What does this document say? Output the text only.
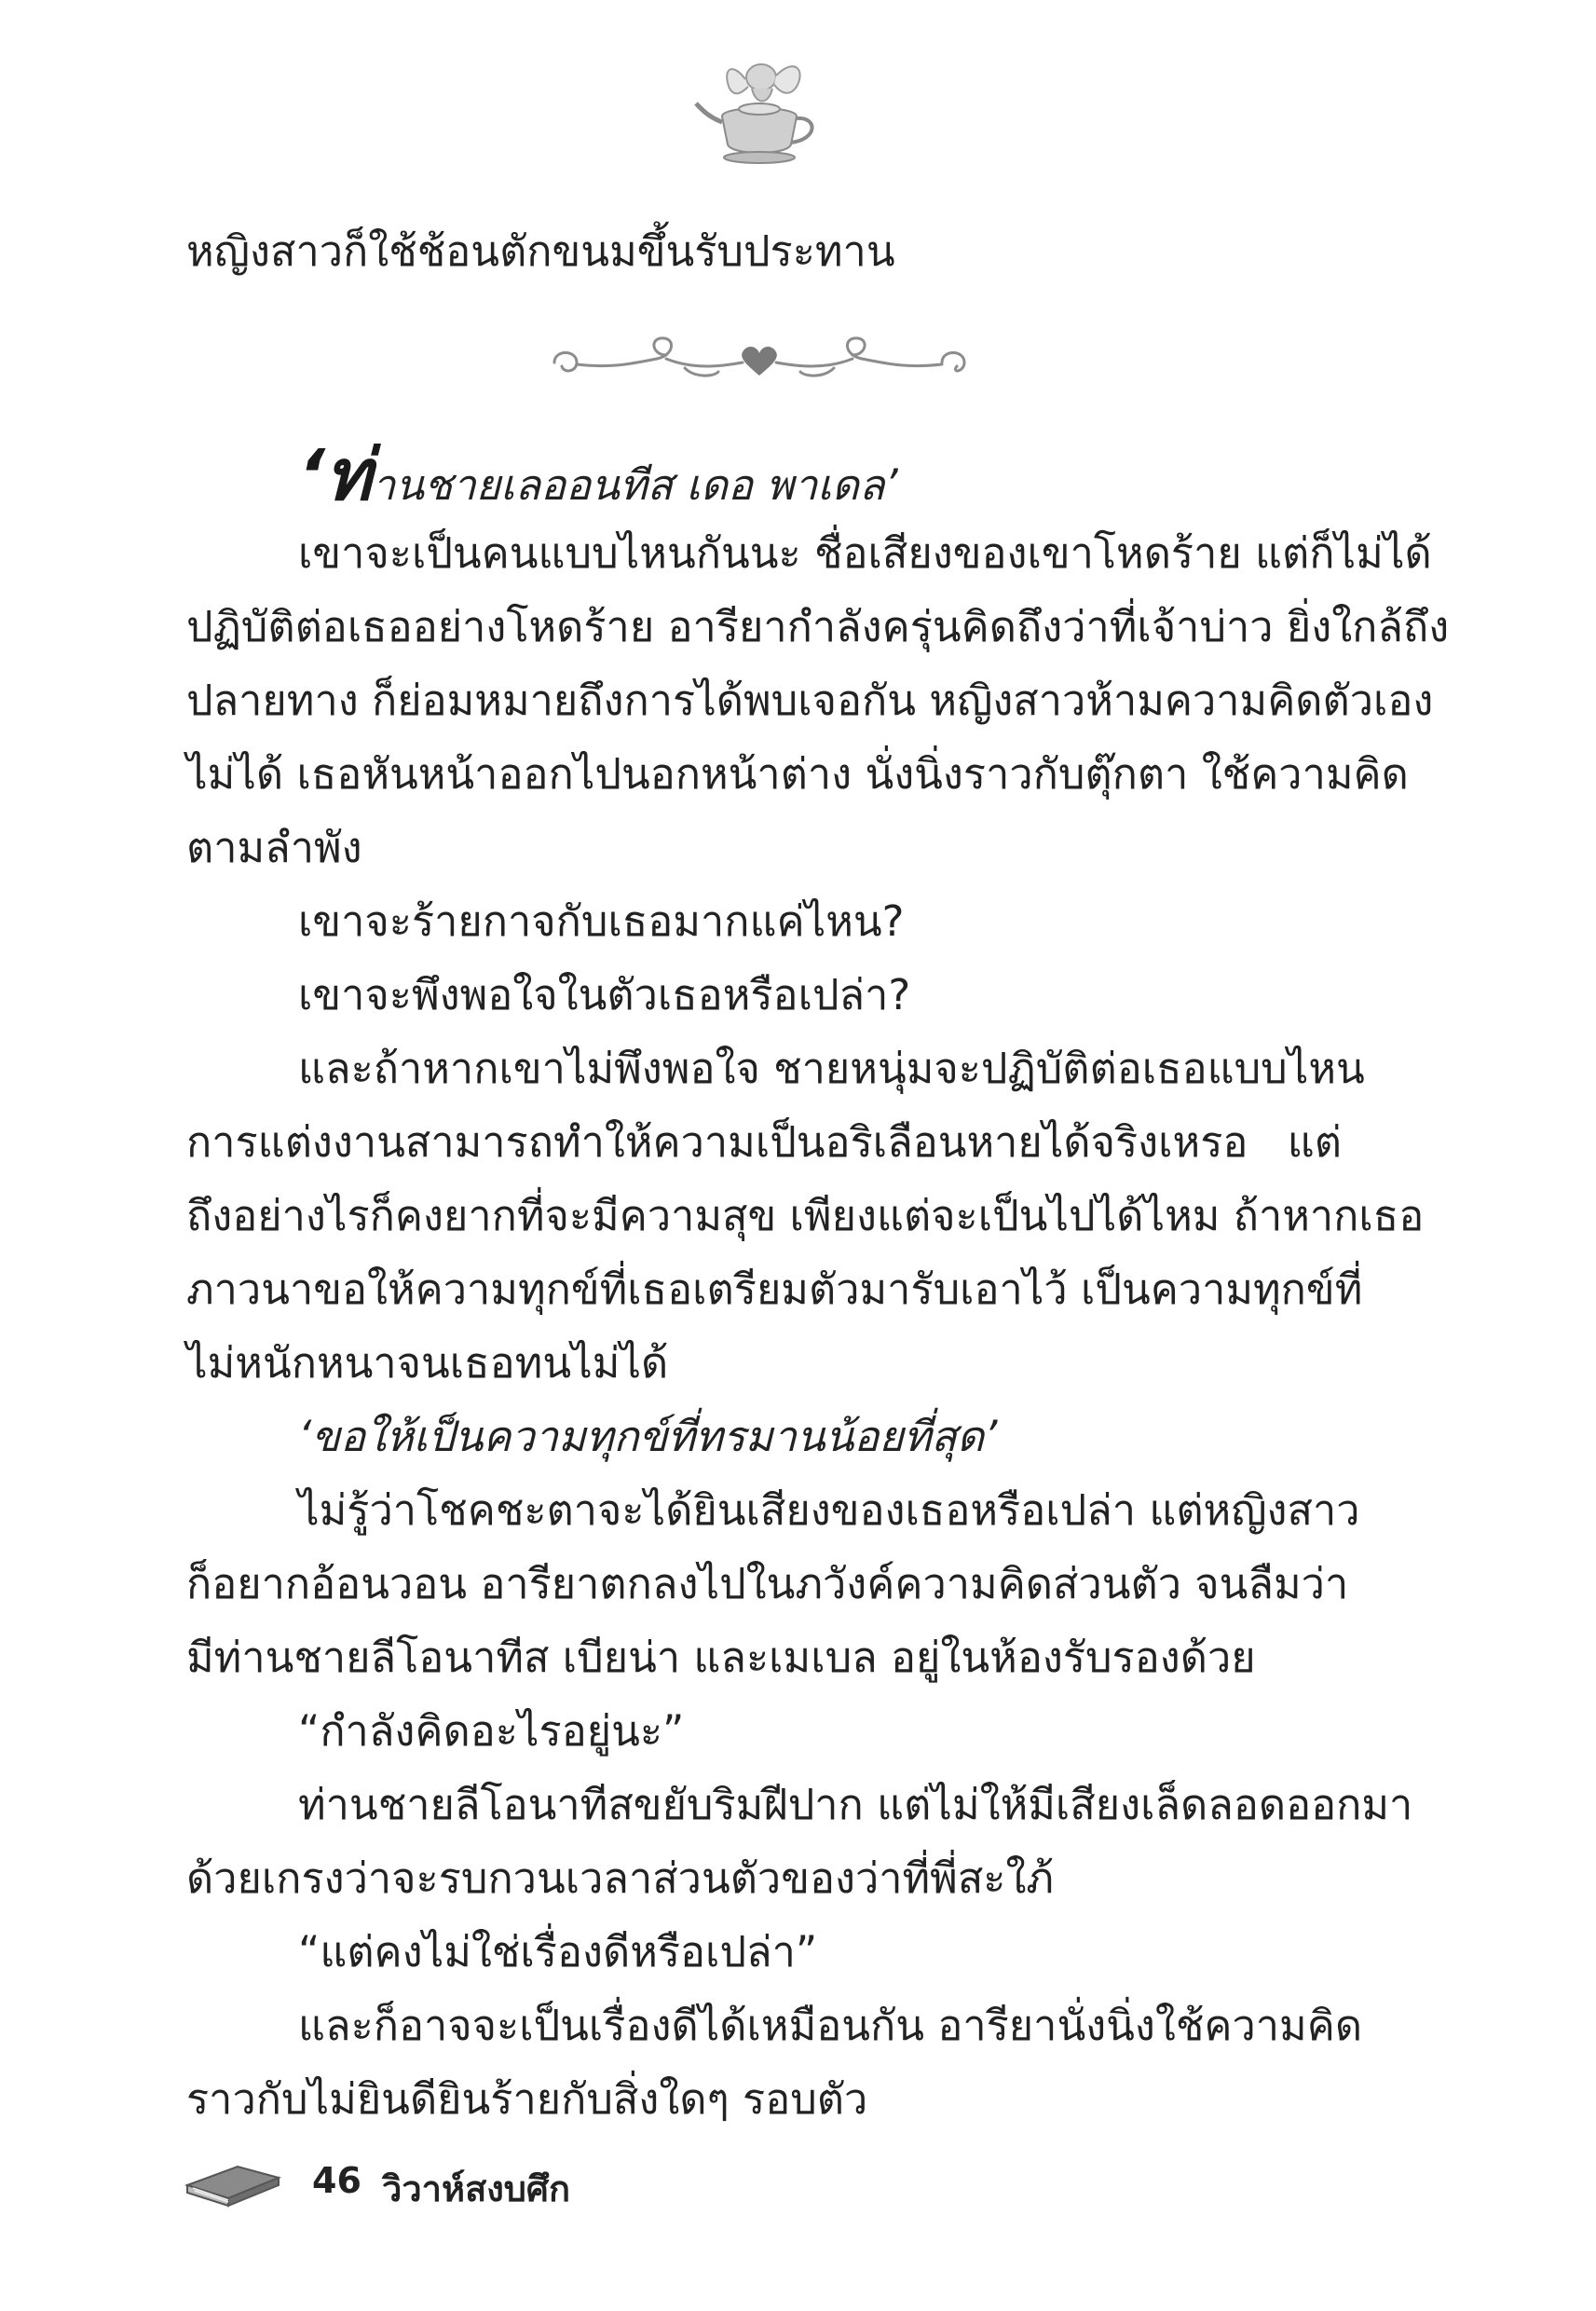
หญิงสาวก็ใช้ช้อนตักขนมขึ้นรับประทาน
‘ท่านชายเลออนทีส เดอ พาเดล’
เขาจะเป็นคนแบบไหนกันนะ ชื่อเสียงของเขาโหดร้าย แต่ก็ไม่ได้
ปฏิบัติต่อเธออย่างโหดร้าย อารียากำลังครุ่นคิดถึงว่าที่เจ้าบ่าว ยิ่งใกล้ถึง
ปลายทาง ก็ย่อมหมายถึงการได้พบเจอกัน หญิงสาวห้ามความคิดตัวเอง
ไม่ได้ เธอหันหน้าออกไปนอกหน้าต่าง นั่งนิ่งราวกับตุ๊กตา ใช้ความคิด
ตามลำพัง
เขาจะร้ายกาจกับเธอมากแค่ไหน?
เขาจะพึงพอใจในตัวเธอหรือเปล่า?
และถ้าหากเขาไม่พึงพอใจ ชายหนุ่มจะปฏิบัติต่อเธอแบบไหน
การแต่งงานสามารถทำให้ความเป็นอริเลือนหายได้จริงเหรอ แต่
ถึงอย่างไรก็คงยากที่จะมีความสุข เพียงแต่จะเป็นไปได้ไหม ถ้าหากเธอ
ภาวนาขอให้ความทุกข์ที่เธอเตรียมตัวมารับเอาไว้ เป็นความทุกข์ที่
ไม่หนักหนาจนเธอทนไม่ได้
‘ขอให้เป็นความทุกข์ที่ทรมานน้อยที่สุด’
ไม่รู้ว่าโชคชะตาจะได้ยินเสียงของเธอหรือเปล่า แต่หญิงสาว
ก็อยากอ้อนวอน อารียาตกลงไปในภวังค์ความคิดส่วนตัว จนลืมว่า
มีท่านชายลีโอนาทีส เบียน่า และเมเบล อยู่ในห้องรับรองด้วย
“กำลังคิดอะไรอยู่นะ”
ท่านชายลีโอนาทีสขยับริมฝีปาก แต่ไม่ให้มีเสียงเล็ดลอดออกมา
ด้วยเกรงว่าจะรบกวนเวลาส่วนตัวของว่าที่พี่สะใภ้
“แต่คงไม่ใช่เรื่องดีหรือเปล่า”
และก็อาจจะเป็นเรื่องดีได้เหมือนกัน อารียานั่งนิ่งใช้ความคิด
ราวกับไม่ยินดียินร้ายกับสิ่งใดๆ รอบตัว
46 วิวาห์สงบศึก
